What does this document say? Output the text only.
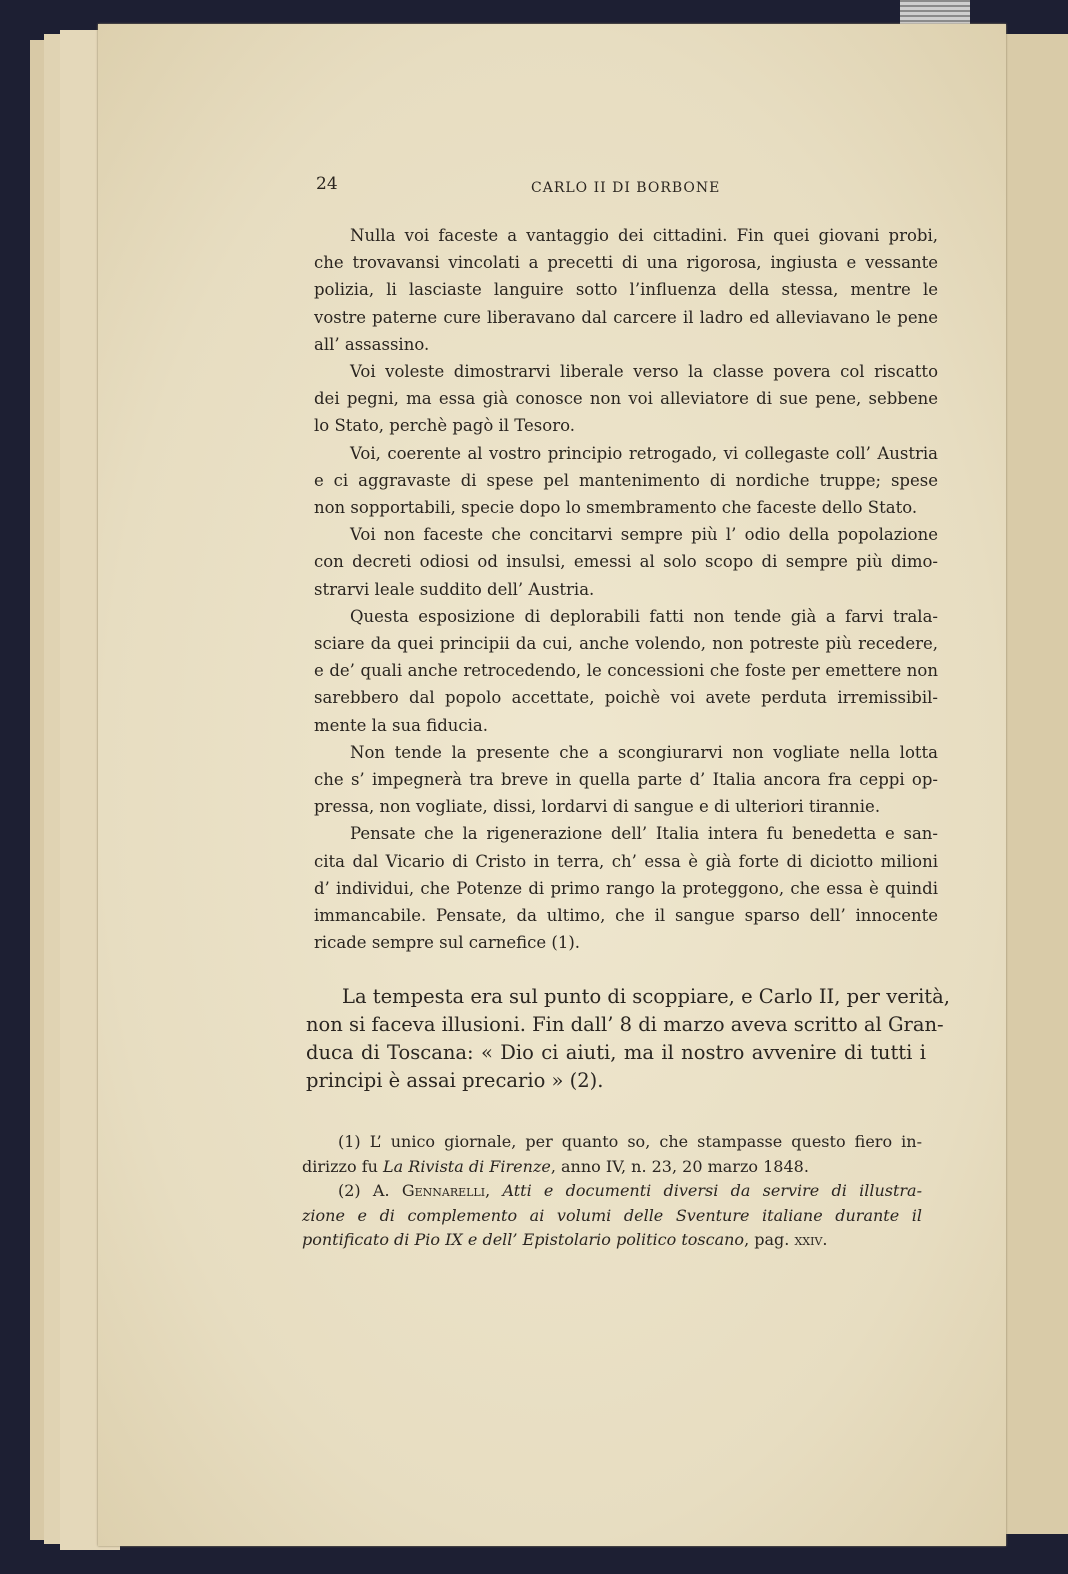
24	CARLO II DI BORBONE
Nulla voi faceste a vantaggio dei cittadini. Fin quei giovani probi,
che trovavansi vincolati a precetti di una rigorosa, ingiusta e vessante
polizia, li lasciaste languire sotto l’influenza della stessa, mentre le
vostre paterne cure liberavano dal carcere il ladro ed alleviavano le pene
all’ assassino.
Voi voleste dimostrarvi liberale verso la classe povera col riscatto
dei pegni, ma essa già conosce non voi alleviatore di sue pene, sebbene
lo Stato, perchè pagò il Tesoro.
Voi, coerente al vostro principio retrogado, vi collegaste coll’ Austria
e ci aggravaste di spese pel mantenimento di nordiche truppe; spese
non sopportabili, specie dopo lo smembramento che faceste dello Stato.
Voi non faceste che concitarvi sempre più l’ odio della popolazione
con decreti odiosi od insulsi, emessi al solo scopo di sempre più dimo-
strarvi leale suddito dell’ Austria.
Questa esposizione di deplorabili fatti non tende già a farvi trala-
sciare da quei principii da cui, anche volendo, non potreste più recedere,
e de’ quali anche retrocedendo, le concessioni che foste per emettere non
sarebbero dal popolo accettate, poichè voi avete perduta irremissibil-
mente la sua fiducia.
Non tende la presente che a scongiurarvi non vogliate nella lotta
che s’ impegnerà tra breve in quella parte d’ Italia ancora fra ceppi op-
pressa, non vogliate, dissi, lordarvi di sangue e di ulteriori tirannie.
Pensate che la rigenerazione dell’ Italia intera fu benedetta e san-
cita dal Vicario di Cristo in terra, ch’ essa è già forte di diciotto milioni
d’ individui, che Potenze di primo rango la proteggono, che essa è quindi
immancabile. Pensate, da ultimo, che il sangue sparso dell’ innocente
ricade sempre sul carnefice (1).
La tempesta era sul punto di scoppiare, e Carlo II, per verità,
non si faceva illusioni. Fin dall’ 8 di marzo aveva scritto al Gran-
duca di Toscana: « Dio ci aiuti, ma il nostro avvenire di tutti i
principi è assai precario » (2).
(1) L’ unico giornale, per quanto so, che stampasse questo fiero in-
dirizzo fu La Rivista di Firenze, anno IV, n. 23, 20 marzo 1848.
(2) A. Gennarelli, Atti e documenti diversi da servire di illustra-
zione e di complemento ai volumi delle Sventure italiane durante il
pontificato di Pio IX e dell’ Epistolario politico toscano, pag. xxiv.
